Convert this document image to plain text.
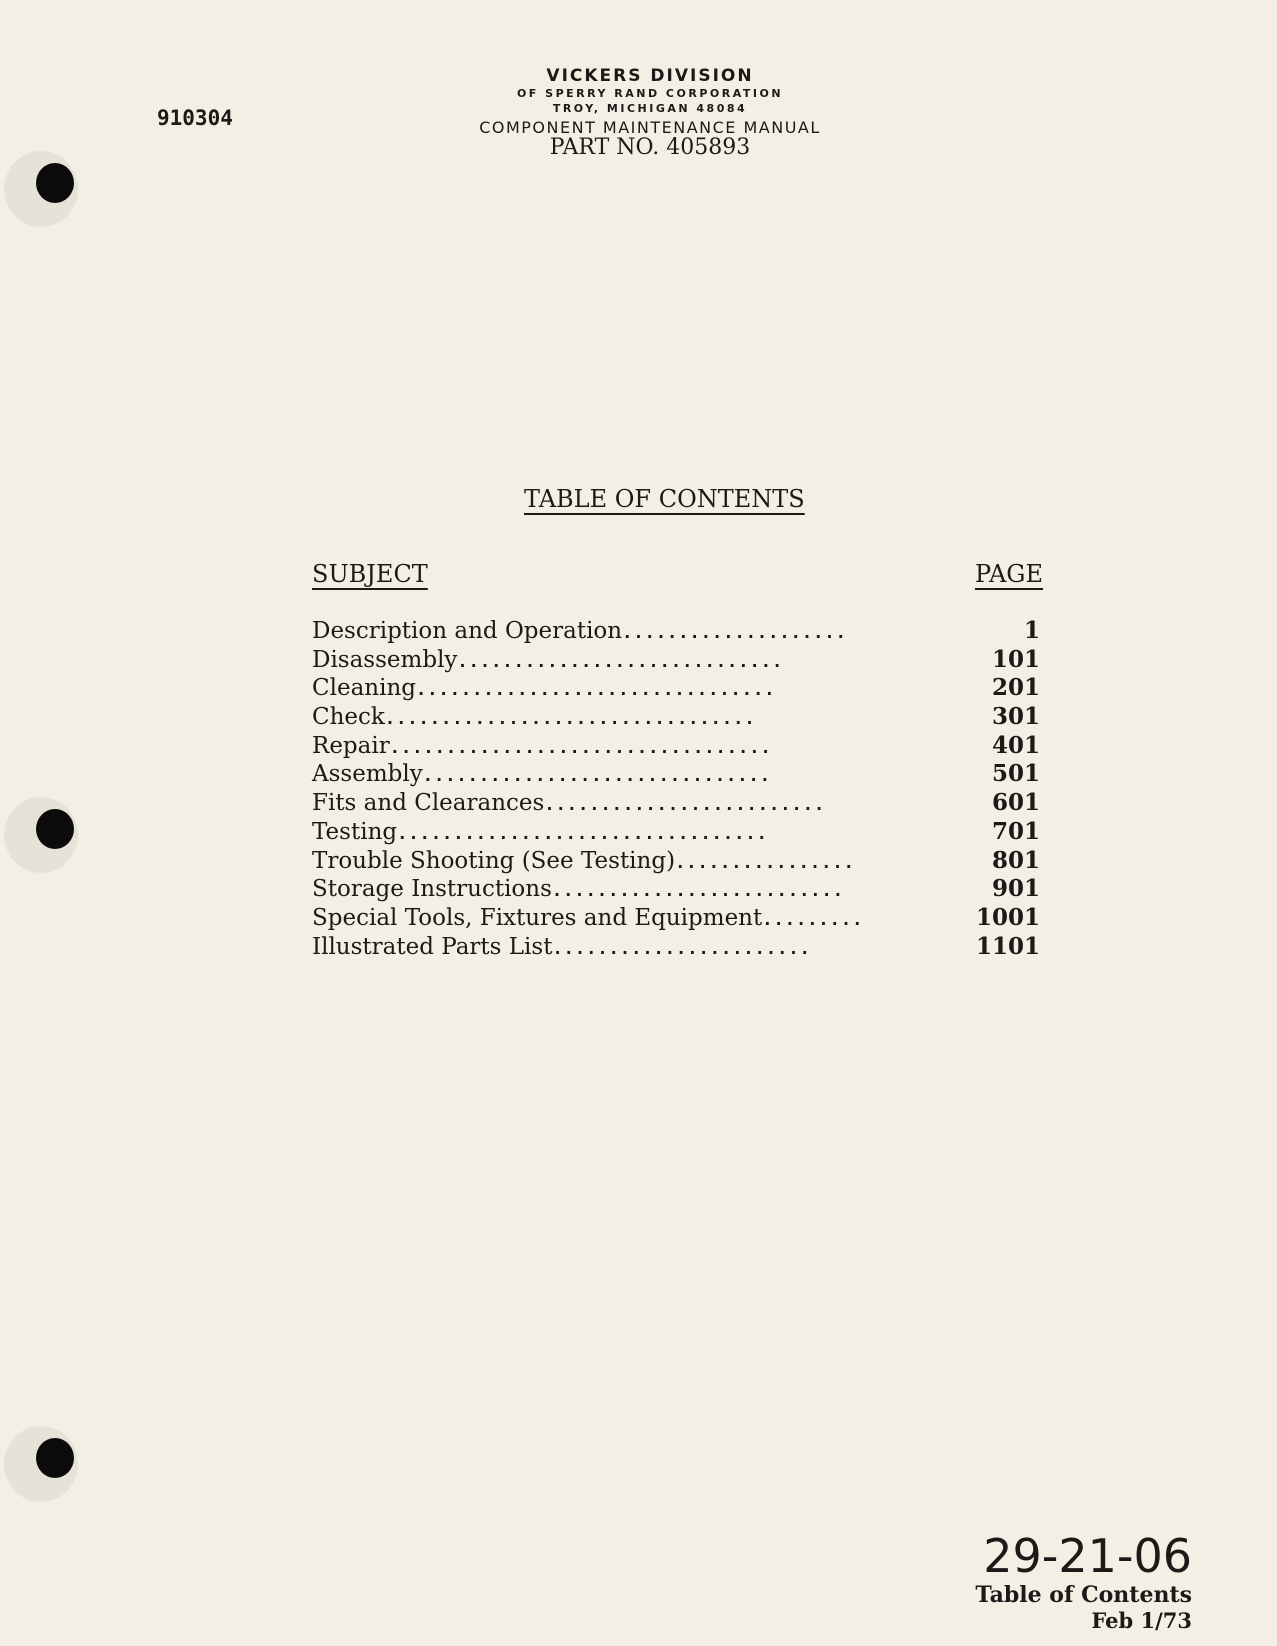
910304
VICKERS DIVISION
OF SPERRY RAND CORPORATION
TROY, MICHIGAN 48084
COMPONENT MAINTENANCE MANUAL
PART NO. 405893
TABLE OF CONTENTS
SUBJECT	PAGE
Description and Operation ....................	1
Disassembly .............................	101
Cleaning ................................	201
Check .................................	301
Repair ..................................	401
Assembly ...............................	501
Fits and Clearances .........................	601
Testing .................................	701
Trouble Shooting (See Testing) ................	801
Storage Instructions ..........................	901
Special Tools, Fixtures and Equipment .........	1001
Illustrated Parts List .......................	1101
29-21-06
Table of Contents
Feb 1/73
